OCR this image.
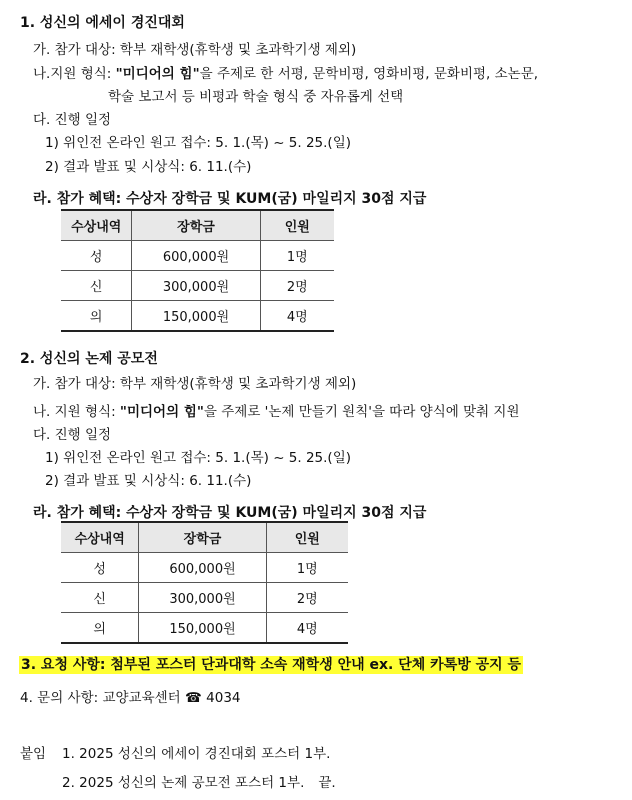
1. 성신의 에세이 경진대회
가. 참가 대상: 학부 재학생(휴학생 및 초과학기생 제외)
나.지원 형식: "미디어의 힘"을 주제로 한 서평, 문학비평, 영화비평, 문화비평, 소논문,
학술 보고서 등 비평과 학술 형식 중 자유롭게 선택
다. 진행 일정
1) 위인전 온라인 원고 접수: 5. 1.(목) ~ 5. 25.(일)
2) 결과 발표 및 시상식: 6. 11.(수)
라. 참가 혜택: 수상자 장학금 및 KUM(굼) 마일리지 30점 지급
수상내역	장학금	인원
성	600,000원	1명
신	300,000원	2명
의	150,000원	4명
2. 성신의 논제 공모전
가. 참가 대상: 학부 재학생(휴학생 및 초과학기생 제외)
나. 지원 형식: "미디어의 힘"을 주제로 '논제 만들기 원칙'을 따라 양식에 맞춰 지원
다. 진행 일정
1) 위인전 온라인 원고 접수: 5. 1.(목) ~ 5. 25.(일)
2) 결과 발표 및 시상식: 6. 11.(수)
라. 참가 혜택: 수상자 장학금 및 KUM(굼) 마일리지 30점 지급
수상내역	장학금	인원
성	600,000원	1명
신	300,000원	2명
의	150,000원	4명
3. 요청 사항: 첨부된 포스터 단과대학 소속 재학생 안내 ex. 단체 카톡방 공지 등
4. 문의 사항: 교양교육센터 ☎ 4034
붙임 1. 2025 성신의 에세이 경진대회 포스터 1부.
2. 2025 성신의 논제 공모전 포스터 1부. 끝.
